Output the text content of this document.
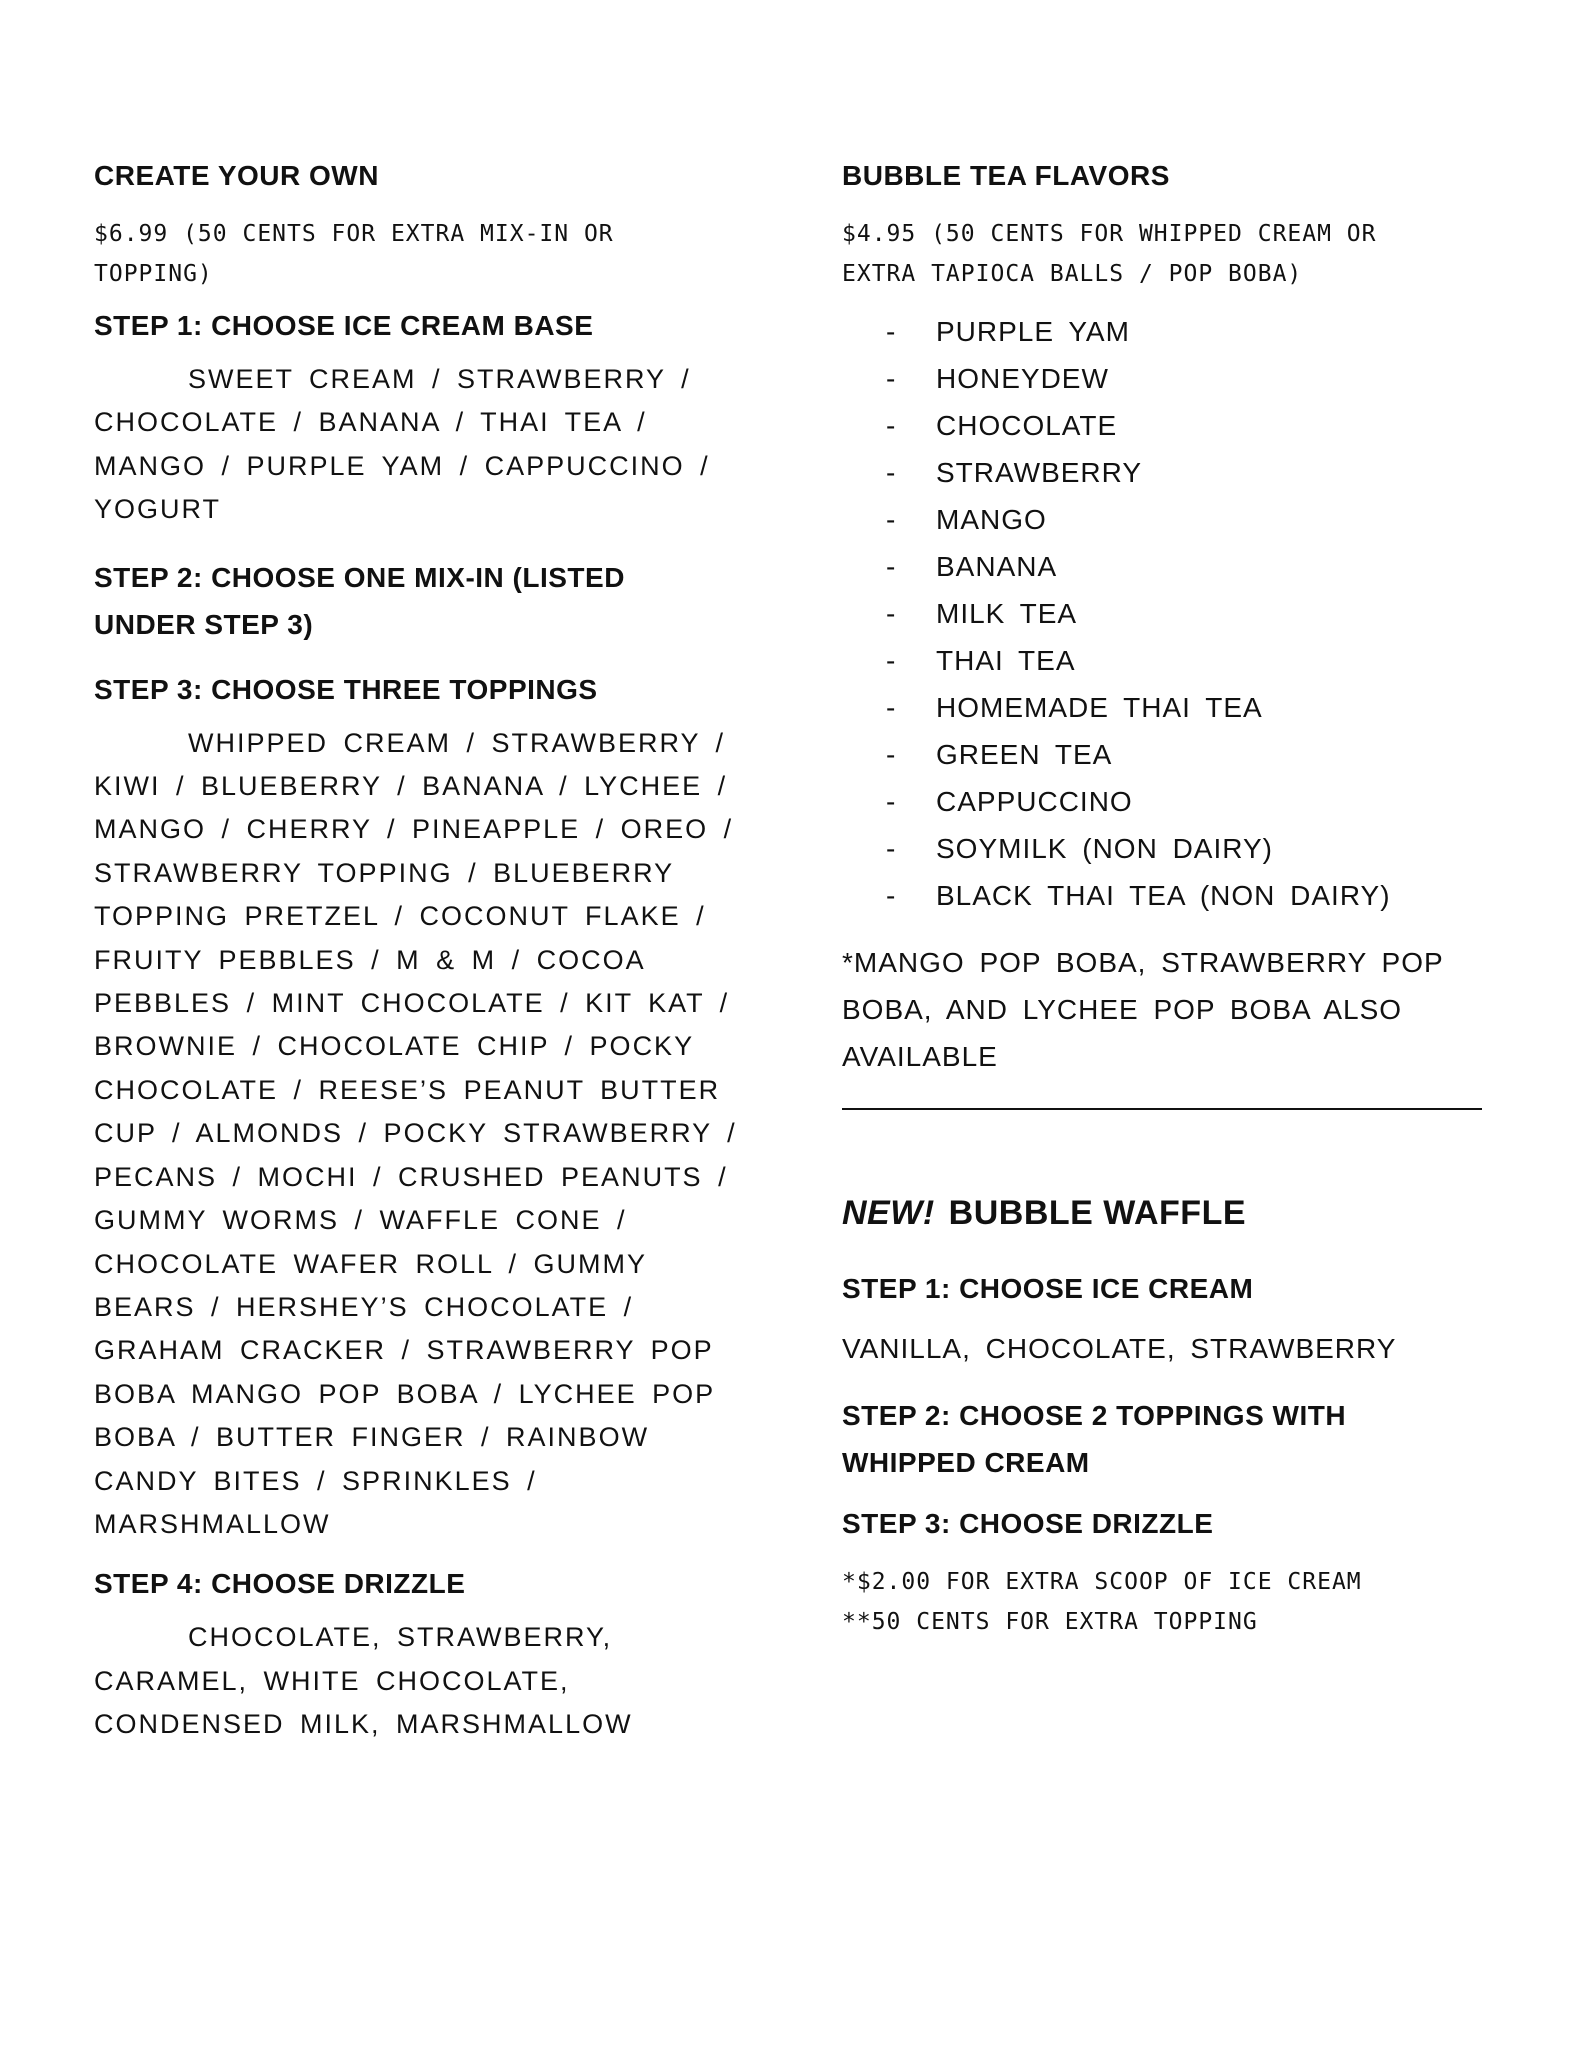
CREATE YOUR OWN

$6.99 (50 CENTS FOR EXTRA MIX-IN OR TOPPING)

STEP 1: CHOOSE ICE CREAM BASE

SWEET CREAM / STRAWBERRY / CHOCOLATE / BANANA / THAI TEA / MANGO / PURPLE YAM / CAPPUCCINO / YOGURT

STEP 2: CHOOSE ONE MIX-IN (LISTED UNDER STEP 3)
STEP 3: CHOOSE THREE TOPPINGS

WHIPPED CREAM / STRAWBERRY / KIWI / BLUEBERRY / BANANA / LYCHEE / MANGO / CHERRY / PINEAPPLE / OREO / STRAWBERRY TOPPING / BLUEBERRY TOPPING PRETZEL / COCONUT FLAKE / FRUITY PEBBLES / M & M / COCOA PEBBLES / MINT CHOCOLATE / KIT KAT / BROWNIE / CHOCOLATE CHIP / POCKY CHOCOLATE / REESE’S PEANUT BUTTER CUP / ALMONDS / POCKY STRAWBERRY / PECANS / MOCHI / CRUSHED PEANUTS / GUMMY WORMS / WAFFLE CONE / CHOCOLATE WAFER ROLL / GUMMY BEARS / HERSHEY’S CHOCOLATE / GRAHAM CRACKER / STRAWBERRY POP BOBA MANGO POP BOBA / LYCHEE POP BOBA / BUTTER FINGER / RAINBOW CANDY BITES / SPRINKLES / MARSHMALLOW

STEP 4: CHOOSE DRIZZLE

CHOCOLATE, STRAWBERRY, CARAMEL, WHITE CHOCOLATE, CONDENSED MILK, MARSHMALLOW

BUBBLE TEA FLAVORS

$4.95 (50 CENTS FOR WHIPPED CREAM OR EXTRA TAPIOCA BALLS / POP BOBA)

- PURPLE YAM
- HONEYDEW
- CHOCOLATE
- STRAWBERRY
- MANGO
- BANANA
- MILK TEA
- THAI TEA
- HOMEMADE THAI TEA
- GREEN TEA
- CAPPUCCINO
- SOYMILK (NON DAIRY)
- BLACK THAI TEA (NON DAIRY)

*MANGO POP BOBA, STRAWBERRY POP BOBA, AND LYCHEE POP BOBA ALSO AVAILABLE

NEW! BUBBLE WAFFLE
STEP 1: CHOOSE ICE CREAM

VANILLA, CHOCOLATE, STRAWBERRY

STEP 2: CHOOSE 2 TOPPINGS WITH WHIPPED CREAM
STEP 3: CHOOSE DRIZZLE

*$2.00 FOR EXTRA SCOOP OF ICE CREAM

**50 CENTS FOR EXTRA TOPPING
